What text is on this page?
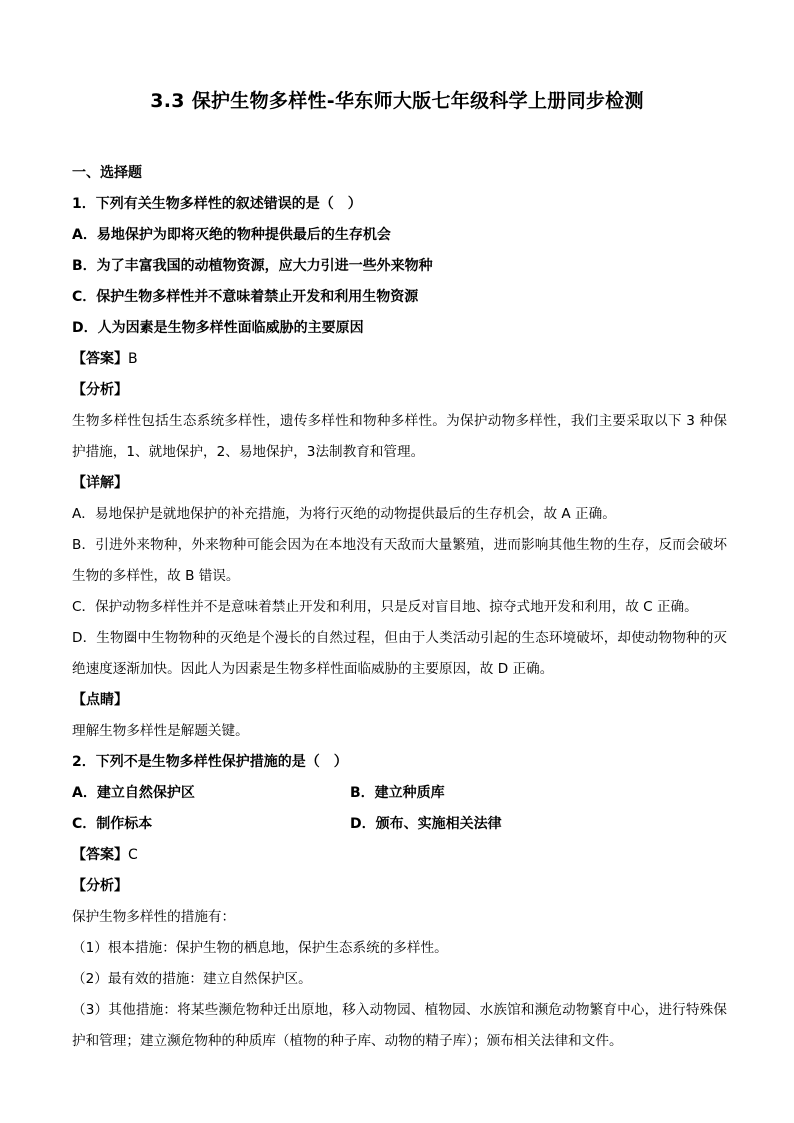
3.3 保护生物多样性-华东师大版七年级科学上册同步检测
一、选择题
1．下列有关生物多样性的叙述错误的是（　）
A．易地保护为即将灭绝的物种提供最后的生存机会
B．为了丰富我国的动植物资源，应大力引进一些外来物种
C．保护生物多样性并不意味着禁止开发和利用生物资源
D．人为因素是生物多样性面临威胁的主要原因
【答案】B
【分析】
生物多样性包括生态系统多样性，遗传多样性和物种多样性。为保护动物多样性，我们主要采取以下 3 种保护措施，1、就地保护，2、易地保护，3法制教育和管理。
【详解】
A．易地保护是就地保护的补充措施，为将行灭绝的动物提供最后的生存机会，故 A 正确。
B．引进外来物种，外来物种可能会因为在本地没有天敌而大量繁殖，进而影响其他生物的生存，反而会破坏生物的多样性，故 B 错误。
C．保护动物多样性并不是意味着禁止开发和利用，只是反对盲目地、掠夺式地开发和利用，故 C 正确。
D．生物圈中生物物种的灭绝是个漫长的自然过程，但由于人类活动引起的生态环境破坏，却使动物物种的灭绝速度逐渐加快。因此人为因素是生物多样性面临威胁的主要原因，故 D 正确。
【点睛】
理解生物多样性是解题关键。
2．下列不是生物多样性保护措施的是（　）
A．建立自然保护区	B．建立种质库
C．制作标本	D．颁布、实施相关法律
【答案】C
【分析】
保护生物多样性的措施有：
（1）根本措施：保护生物的栖息地，保护生态系统的多样性。
（2）最有效的措施：建立自然保护区。
（3）其他措施：将某些濒危物种迁出原地，移入动物园、植物园、水族馆和濒危动物繁育中心，进行特殊保护和管理；建立濒危物种的种质库（植物的种子库、动物的精子库）；颁布相关法律和文件。
